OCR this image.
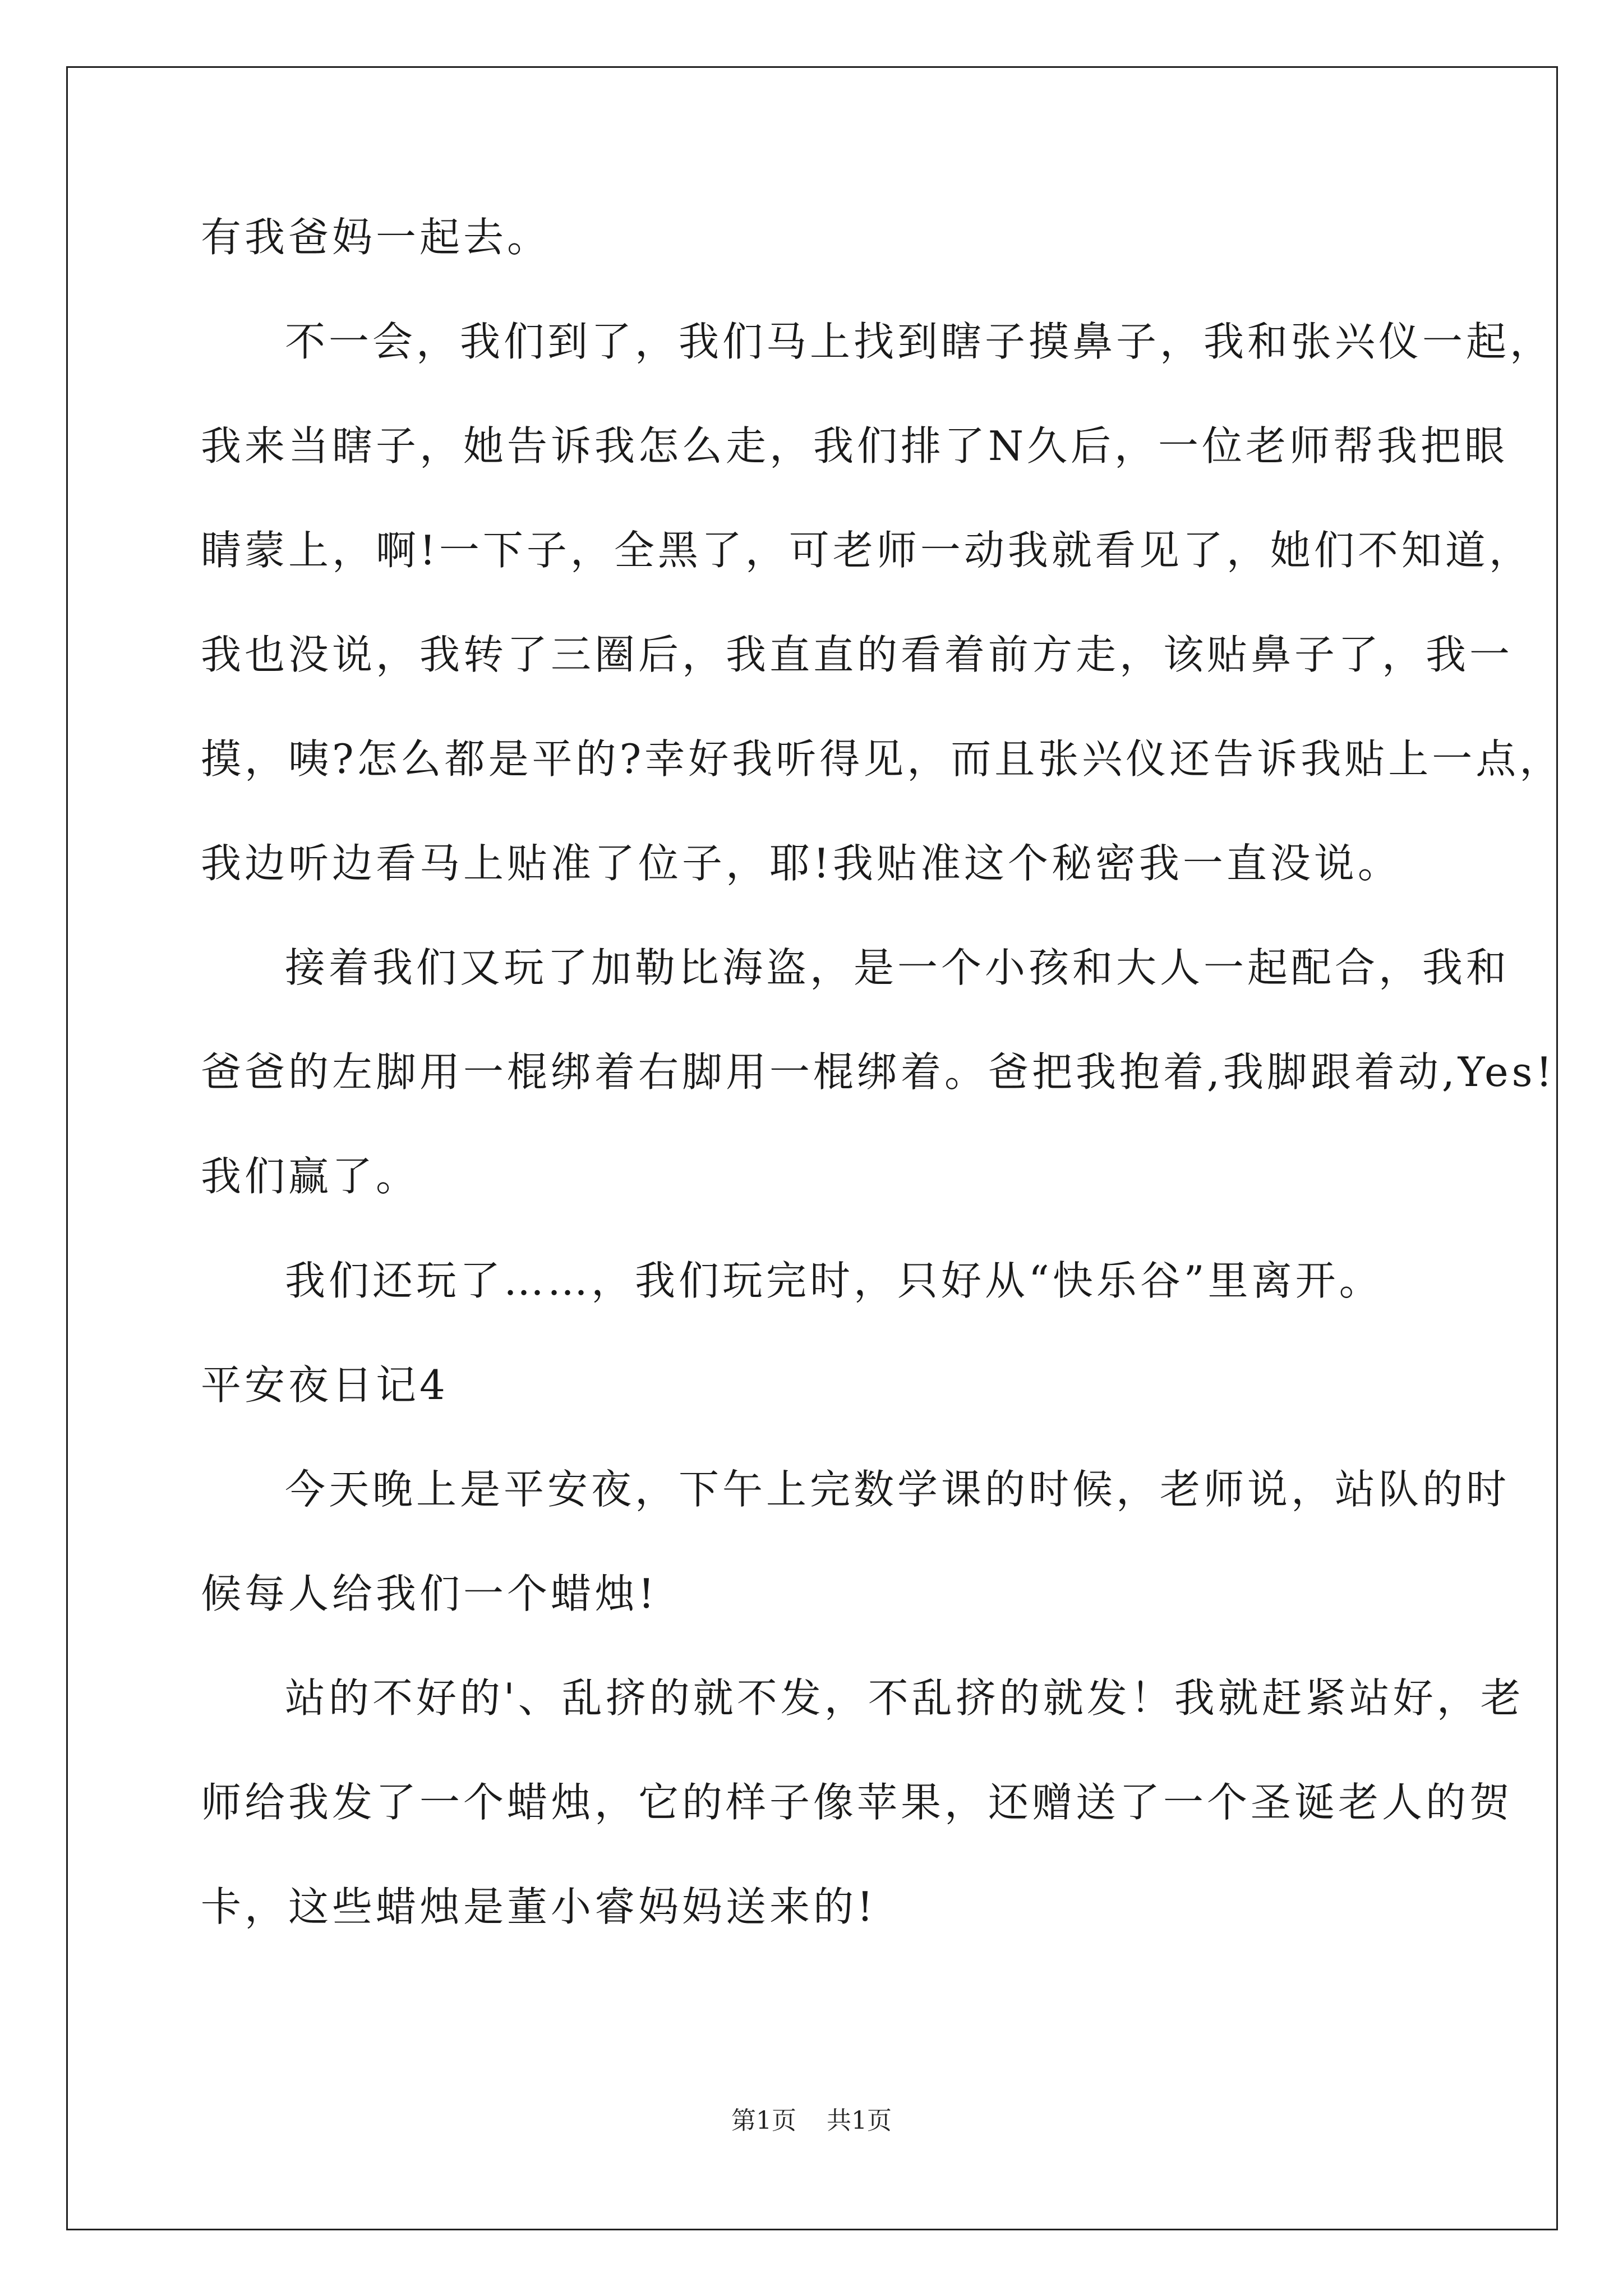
有我爸妈一起去。
不一会，我们到了，我们马上找到瞎子摸鼻子，我和张兴仪一起，
我来当瞎子，她告诉我怎么走，我们排了N久后，一位老师帮我把眼
睛蒙上，啊!一下子，全黑了，可老师一动我就看见了，她们不知道，
我也没说，我转了三圈后，我直直的看着前方走，该贴鼻子了，我一
摸，咦?怎么都是平的?幸好我听得见，而且张兴仪还告诉我贴上一点，
我边听边看马上贴准了位子，耶!我贴准这个秘密我一直没说。
接着我们又玩了加勒比海盗，是一个小孩和大人一起配合，我和
爸爸的左脚用一棍绑着右脚用一棍绑着。爸把我抱着,我脚跟着动,Yes!
我们赢了。
我们还玩了……，我们玩完时，只好从“快乐谷”里离开。
平安夜日记4
今天晚上是平安夜，下午上完数学课的时候，老师说，站队的时
候每人给我们一个蜡烛!
站的不好的'、乱挤的就不发，不乱挤的就发！我就赶紧站好，老
师给我发了一个蜡烛，它的样子像苹果，还赠送了一个圣诞老人的贺
卡，这些蜡烛是董小睿妈妈送来的!
第1页 共1页
